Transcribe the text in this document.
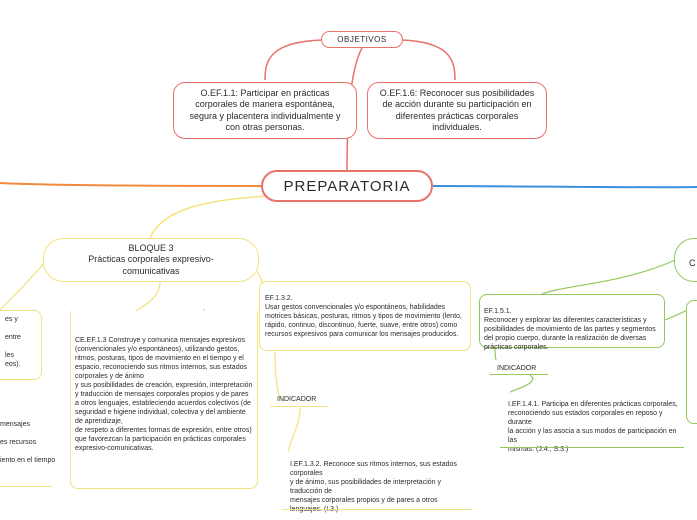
OBJETIVOS
O.EF.1.1: Participar en prácticas corporales de manera espontánea, segura y placentera individualmente y con otras personas.
O.EF.1.6: Reconocer sus posibilidades de acción durante su participación en diferentes prácticas corporales individuales.
PREPARATORIA
BLOQUE 3
Prácticas corporales expresivo-comunicativas

CE.EF.1.3 Construye y comunica mensajes expresivos (convencionales y/o espontáneos), utilizando gestos, ritmos, posturas, tipos de movimiento en el tiempo y el espacio, reconociendo sus ritmos internos, sus estados corporales y de ánimo
y sus posibilidades de creación, expresión, interpretación y traducción de mensajes corporales propios y de pares a otros lenguajes, estableciendo acuerdos colectivos (de seguridad e higiene individual, colectiva y del ambiente de aprendizaje,
de respeto a diferentes formas de expresión, entre otros) que favorezcan la participación en prácticas corporales expresivo-comunicativas.

EF.1.3.2.
Usar gestos convencionales y/o espontáneos, habilidades motrices básicas, posturas, ritmos y tipos de movimiento (lento, rápido, continuo, discontinuo, fuerte, suave, entre otros) como recursos expresivos para comunicar los mensajes producidos.

INDICADOR

I.EF.1.3.2. Reconoce sus ritmos internos, sus estados corporales
y de ánimo, sus posibilidades de interpretación y traducción de
mensajes corporales propios y de pares a otros lenguajes. (I.3.)

es y
entre
les
eos).
mensajes
es recursos
iento en el tiempo
C

EF.1.5.1.
Reconocer y explorar las diferentes características y posibilidades de movimiento de las partes y segmentos del propio cuerpo, durante la realización de diversas prácticas corporales.

INDICADOR

I.EF.1.4.1. Participa en diferentes prácticas corporales, reconociendo sus estados corporales en reposo y durante
la acción y las asocia a sus modos de participación en las
mismas. (J.4., S.3.)
